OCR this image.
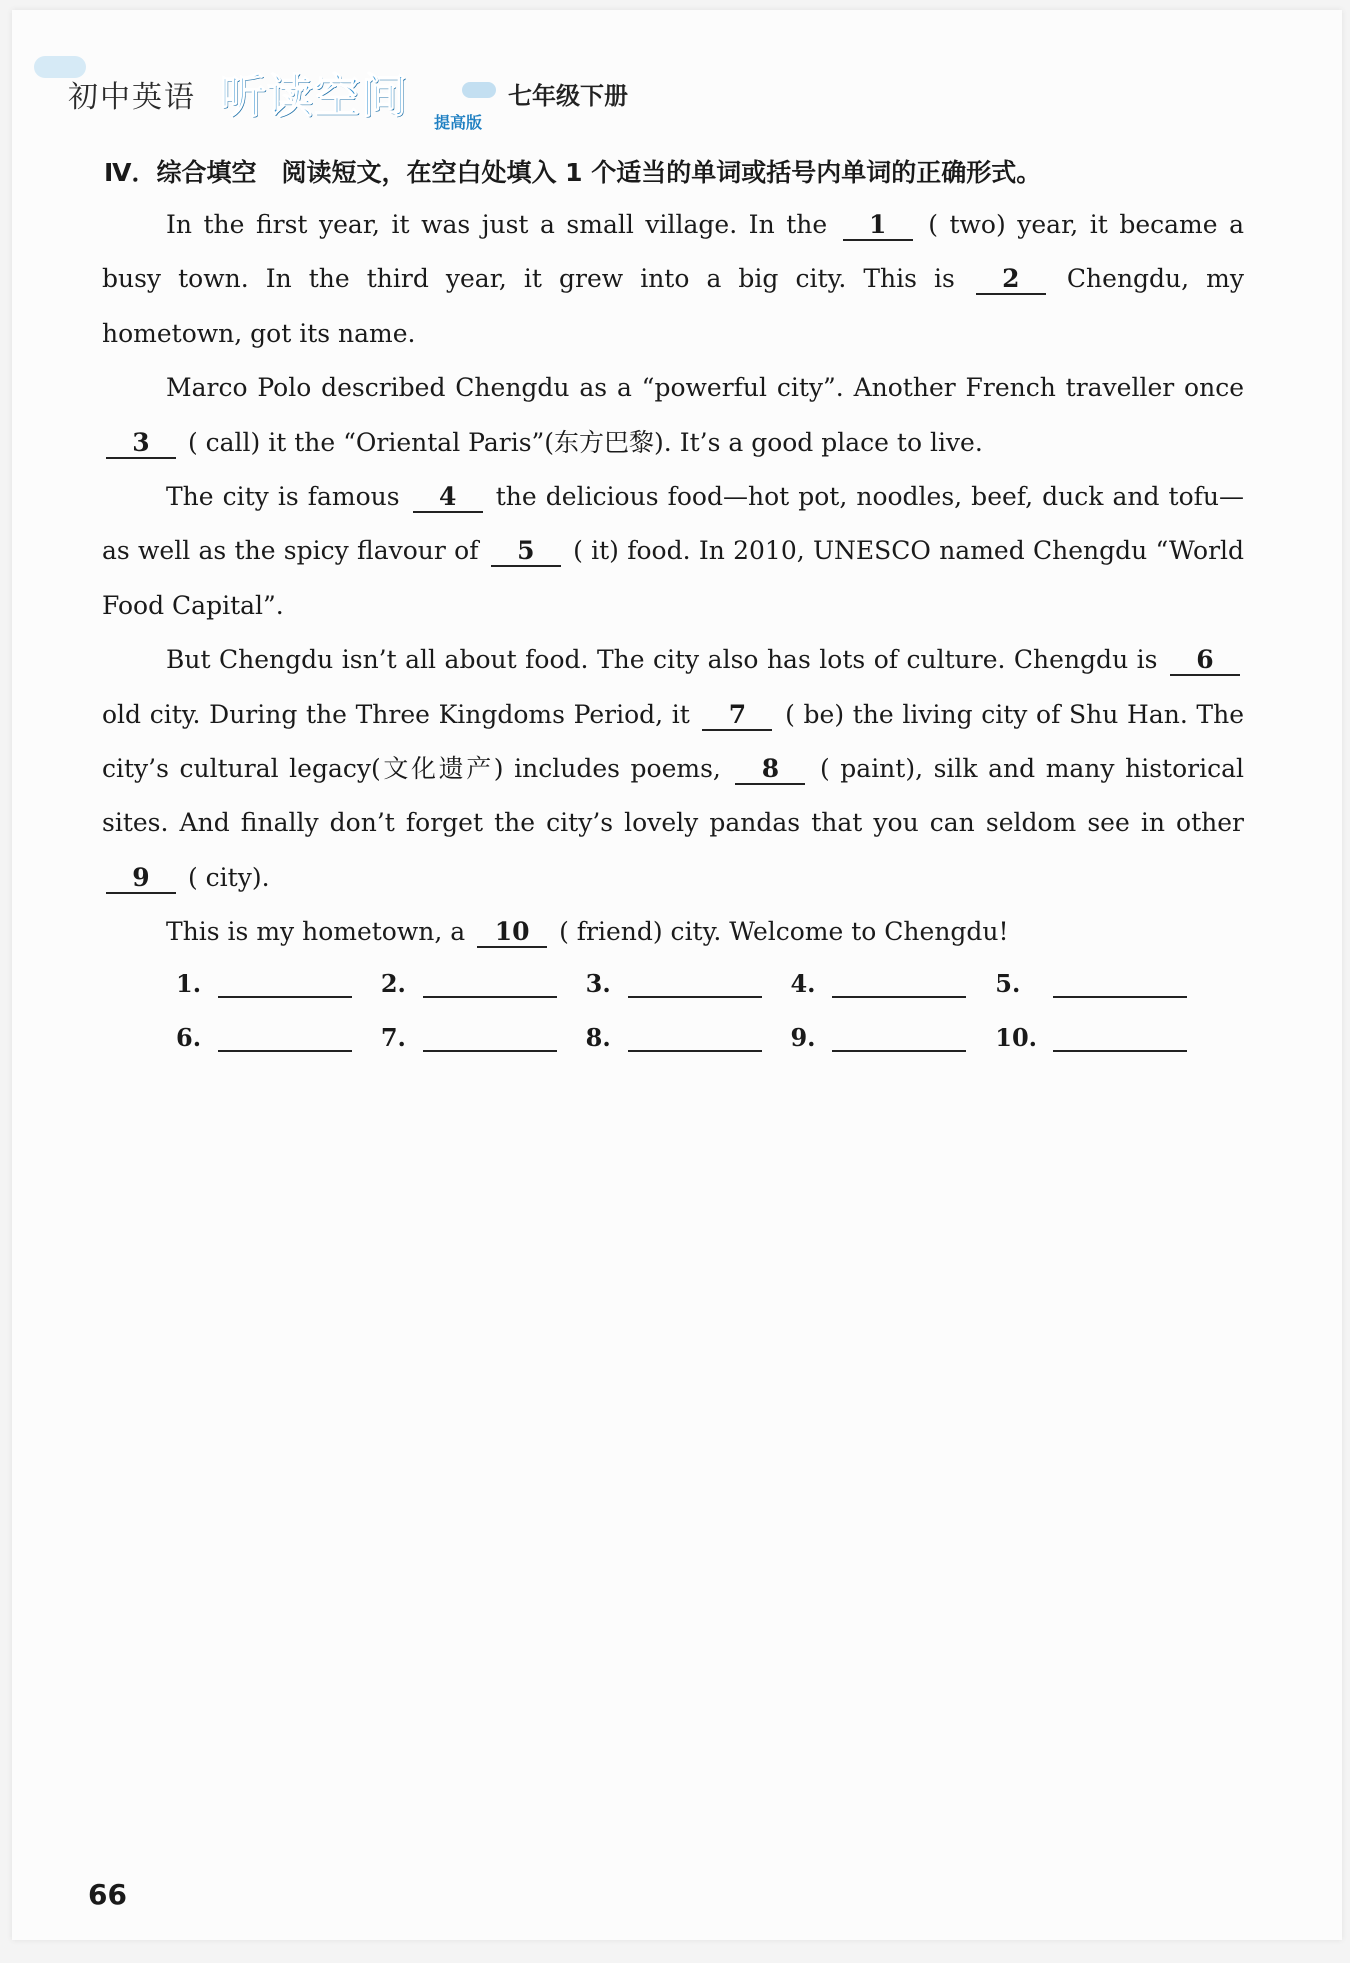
初中英语 听读空间 提高版
七年级下册
Ⅳ．综合填空　阅读短文，在空白处填入 1 个适当的单词或括号内单词的正确形式。

In the first year, it was just a small village. In the 1 ( two) year, it became a busy town. In the third year, it grew into a big city. This is 2 Chengdu, my hometown, got its name.

Marco Polo described Chengdu as a “powerful city”. Another French traveller once 3 ( call) it the “Oriental Paris”(东方巴黎). It’s a good place to live.

The city is famous 4 the delicious food—hot pot, noodles, beef, duck and tofu—as well as the spicy flavour of 5 ( it) food. In 2010, UNESCO named Chengdu “World Food Capital”.

But Chengdu isn’t all about food. The city also has lots of culture. Chengdu is 6 old city. During the Three Kingdoms Period, it 7 ( be) the living city of Shu Han. The city’s cultural legacy(文化遗产) includes poems, 8 ( paint), silk and many historical sites. And finally don’t forget the city’s lovely pandas that you can seldom see in other 9 ( city).

This is my hometown, a 10 ( friend) city. Welcome to Chengdu!

1.	2.	3.	4.	5.
6.	7.	8.	9.	10.
66
